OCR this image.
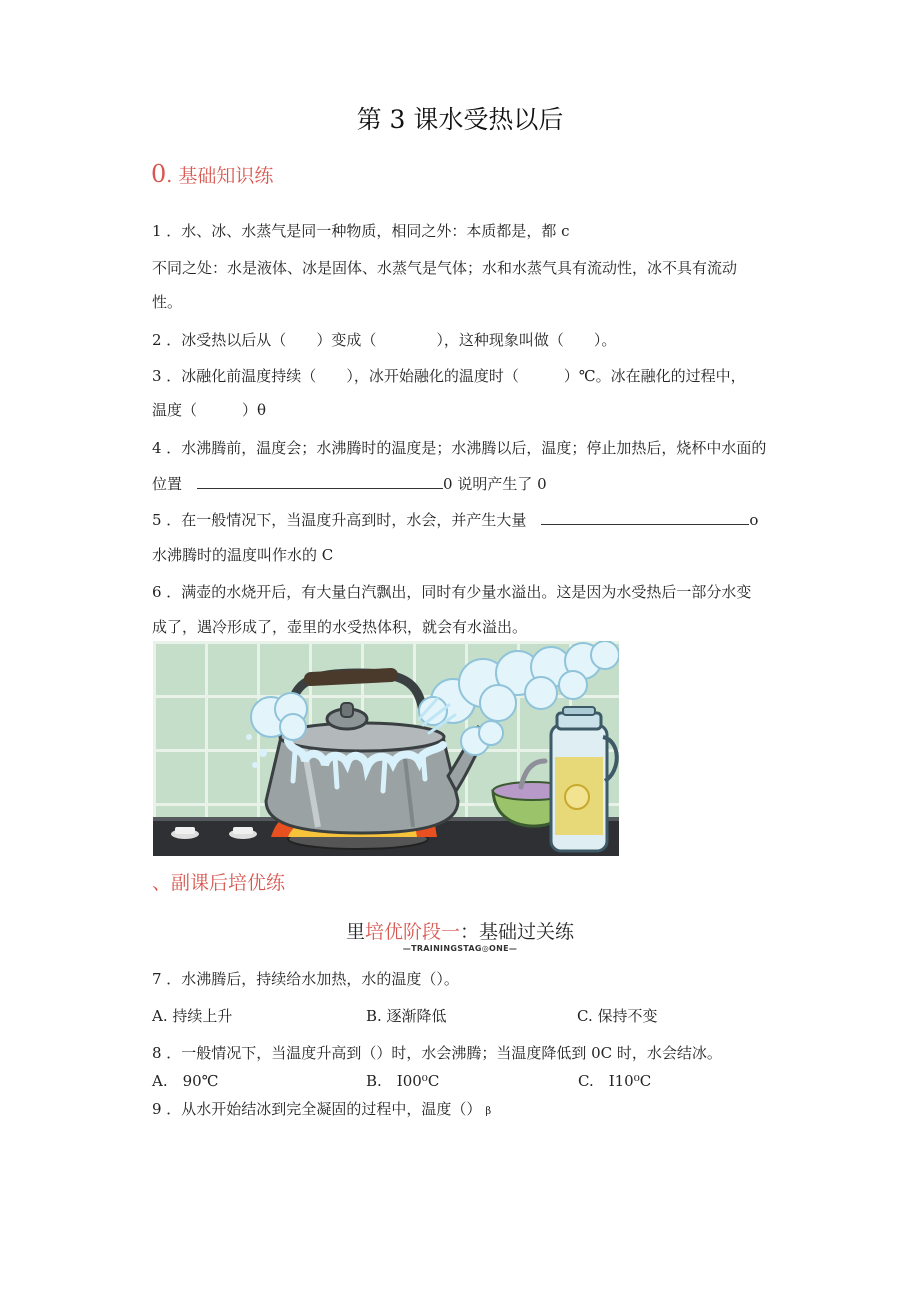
第 3 课水受热以后
0. 基础知识练
1 ．水、冰、水蒸气是同一种物质，相同之外：本质都是，都 c
不同之处：水是液体、冰是固体、水蒸气是气体；水和水蒸气具有流动性，冰不具有流动
性。
2 ．冰受热以后从（　　）变成（　　　　），这种现象叫做（　　）。
3 ．冰融化前温度持续（　　），冰开始融化的温度时（　　　）℃。冰在融化的过程中，
温度（　　　）θ
4 ．水沸腾前，温度会；水沸腾时的温度是；水沸腾以后，温度；停止加热后，烧杯中水面的
位置　	0 说明产生了 0
5 ．在一般情况下，当温度升高到时，水会，并产生大量　	o
水沸腾时的温度叫作水的 C
6 ．满壶的水烧开后，有大量白汽飘出，同时有少量水溢出。这是因为水受热后一部分水变
成了，遇冷形成了，壶里的水受热体积，就会有水溢出。
、副课后培优练
里培优阶段一：基础过关练
—TRAININGSTAG◎ONE—
7 ．水沸腾后，持续给水加热，水的温度（）。
A. 持续上升	B. 逐渐降低	C. 保持不变
8 ．一般情况下，当温度升高到（）时，水会沸腾；当温度降低到 0C 时，水会结冰。
A.　90℃	B.　I00⁰C	C.　I10⁰C
9 ．从水开始结冰到完全凝固的过程中，温度（） β
